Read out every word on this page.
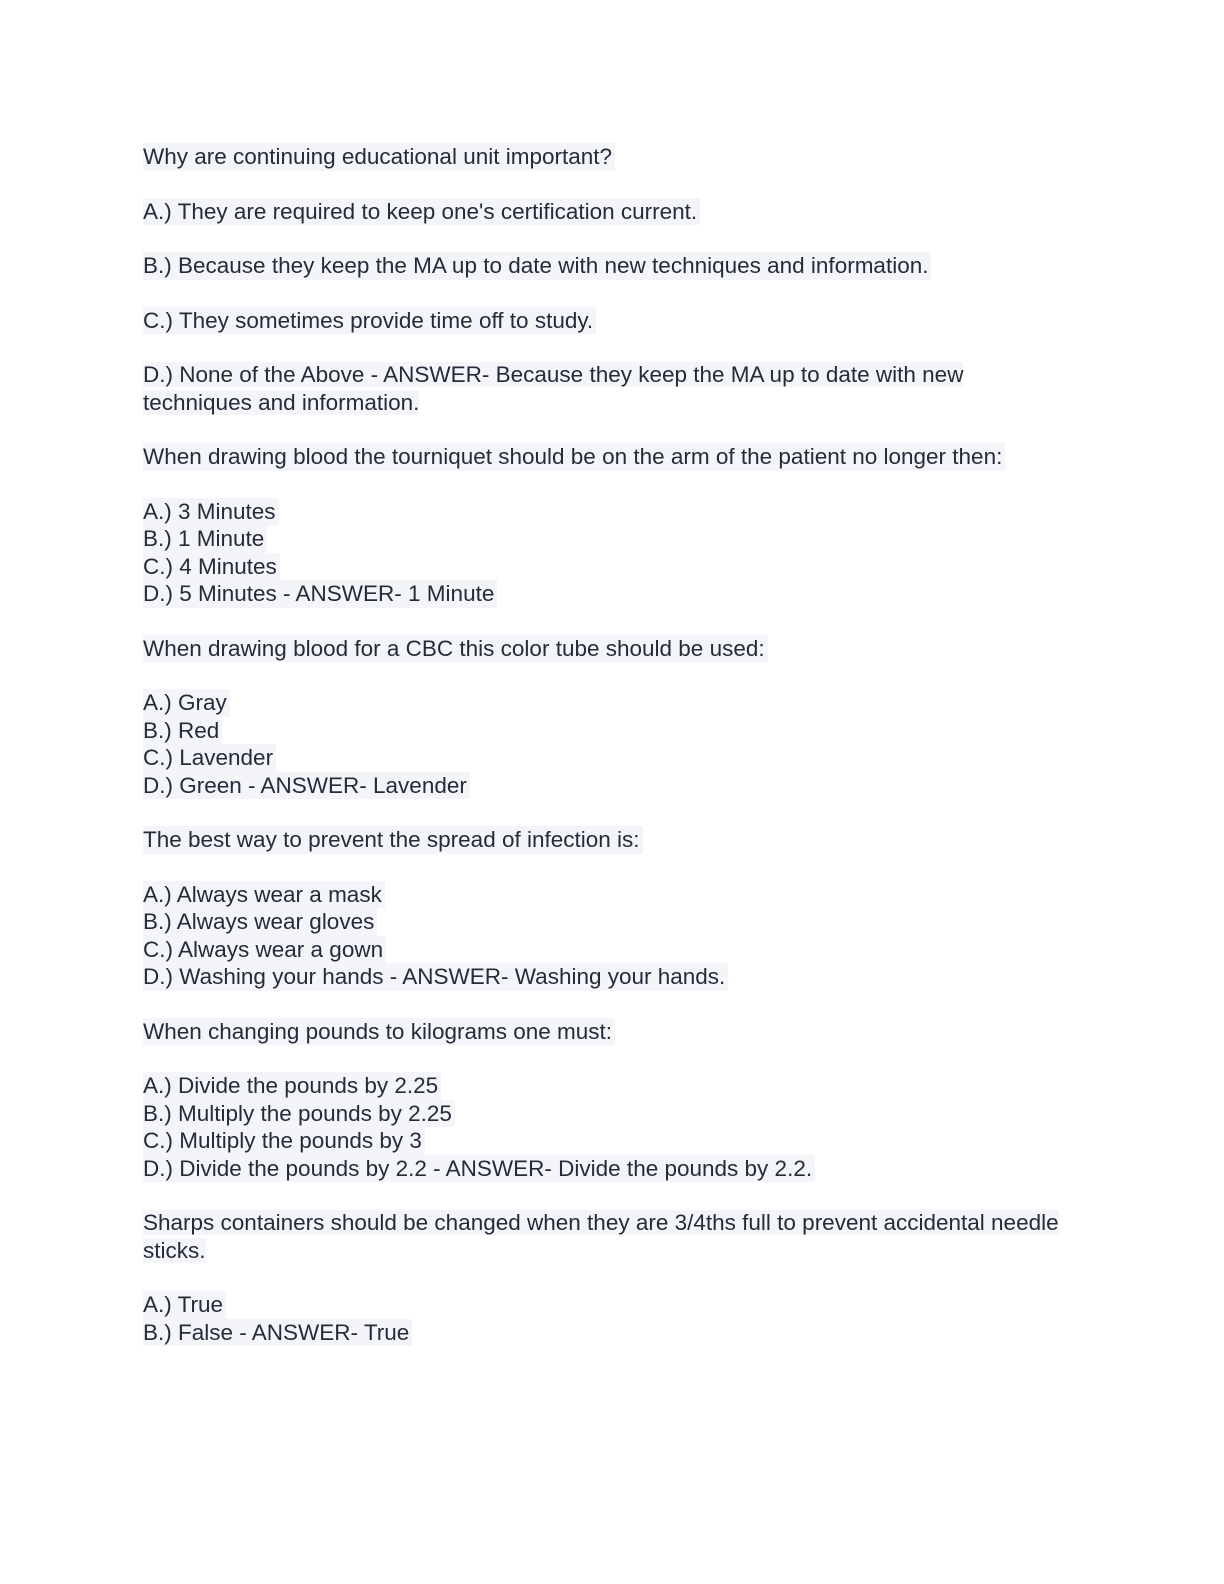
Why are continuing educational unit important?
A.) They are required to keep one's certification current.
B.) Because they keep the MA up to date with new techniques and information.
C.) They sometimes provide time off to study.
D.) None of the Above - ANSWER- Because they keep the MA up to date with new techniques and information.
When drawing blood the tourniquet should be on the arm of the patient no longer then:
A.) 3 Minutes
B.) 1 Minute
C.) 4 Minutes
D.) 5 Minutes - ANSWER- 1 Minute
When drawing blood for a CBC this color tube should be used:
A.) Gray
B.) Red
C.) Lavender
D.) Green - ANSWER- Lavender
The best way to prevent the spread of infection is:
A.) Always wear a mask
B.) Always wear gloves
C.) Always wear a gown
D.) Washing your hands - ANSWER- Washing your hands.
When changing pounds to kilograms one must:
A.) Divide the pounds by 2.25
B.) Multiply the pounds by 2.25
C.) Multiply the pounds by 3
D.) Divide the pounds by 2.2 - ANSWER- Divide the pounds by 2.2.
Sharps containers should be changed when they are 3/4ths full to prevent accidental needle sticks.
A.) True
B.) False - ANSWER- True
